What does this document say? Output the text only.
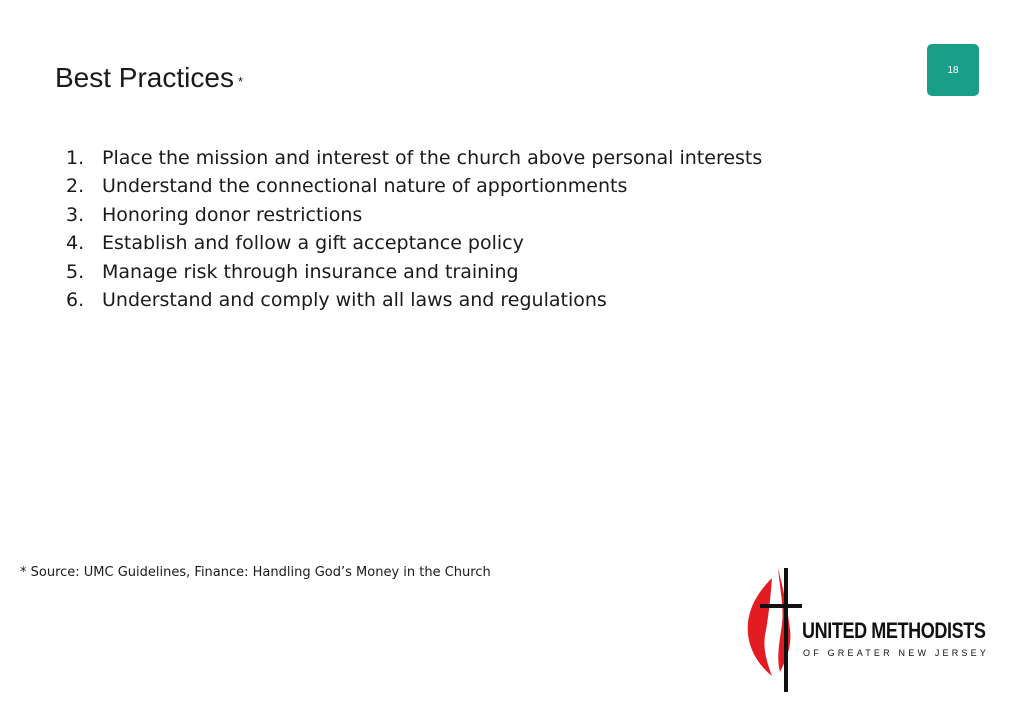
Best Practices *
18
1. Place the mission and interest of the church above personal interests
2. Understand the connectional nature of apportionments
3. Honoring donor restrictions
4. Establish and follow a gift acceptance policy
5. Manage risk through insurance and training
6. Understand and comply with all laws and regulations
* Source: UMC Guidelines, Finance: Handling God’s Money in the Church
UNITED METHODISTS
OF GREATER NEW JERSEY
